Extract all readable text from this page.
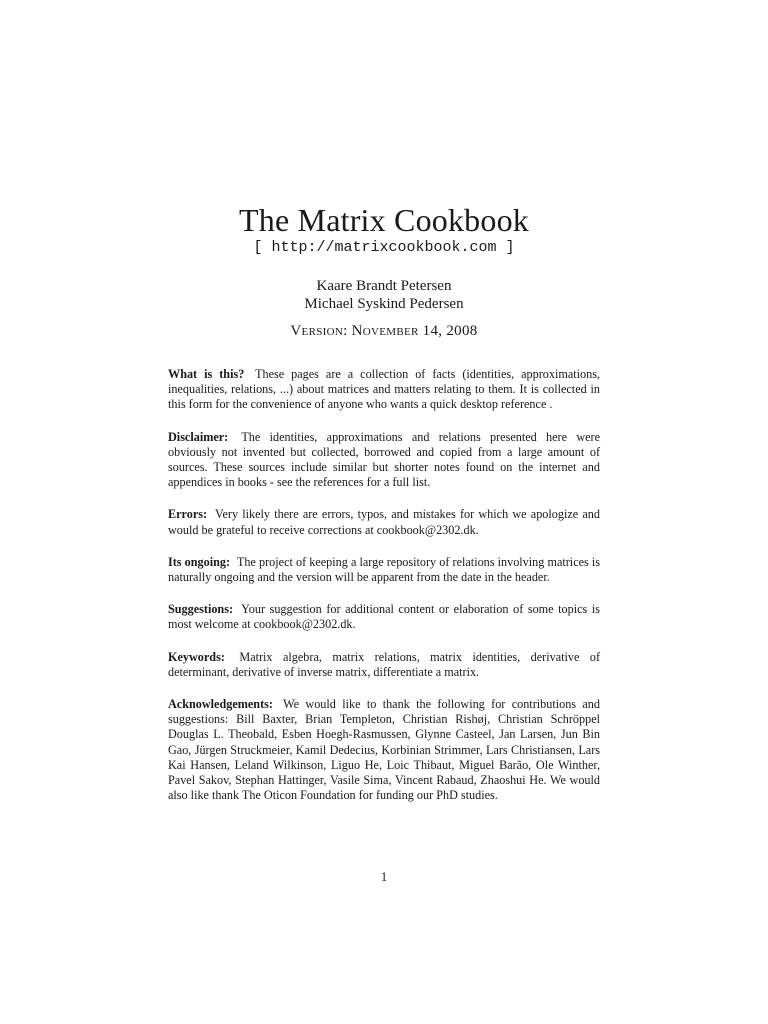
The Matrix Cookbook
[ http://matrixcookbook.com ]
Kaare Brandt Petersen
Michael Syskind Pedersen
Version: November 14, 2008

What is this? These pages are a collection of facts (identities, approximations, inequalities, relations, ...) about matrices and matters relating to them. It is collected in this form for the convenience of anyone who wants a quick desktop reference .

Disclaimer: The identities, approximations and relations presented here were obviously not invented but collected, borrowed and copied from a large amount of sources. These sources include similar but shorter notes found on the internet and appendices in books - see the references for a full list.

Errors: Very likely there are errors, typos, and mistakes for which we apologize and would be grateful to receive corrections at cookbook@2302.dk.

Its ongoing: The project of keeping a large repository of relations involving matrices is naturally ongoing and the version will be apparent from the date in the header.

Suggestions: Your suggestion for additional content or elaboration of some topics is most welcome at cookbook@2302.dk.

Keywords: Matrix algebra, matrix relations, matrix identities, derivative of determinant, derivative of inverse matrix, differentiate a matrix.

Acknowledgements: We would like to thank the following for contributions and suggestions: Bill Baxter, Brian Templeton, Christian Rishøj, Christian Schröppel Douglas L. Theobald, Esben Hoegh-Rasmussen, Glynne Casteel, Jan Larsen, Jun Bin Gao, Jürgen Struckmeier, Kamil Dedecius, Korbinian Strimmer, Lars Christiansen, Lars Kai Hansen, Leland Wilkinson, Liguo He, Loic Thibaut, Miguel Barão, Ole Winther, Pavel Sakov, Stephan Hattinger, Vasile Sima, Vincent Rabaud, Zhaoshui He. We would also like thank The Oticon Foundation for funding our PhD studies.

1
